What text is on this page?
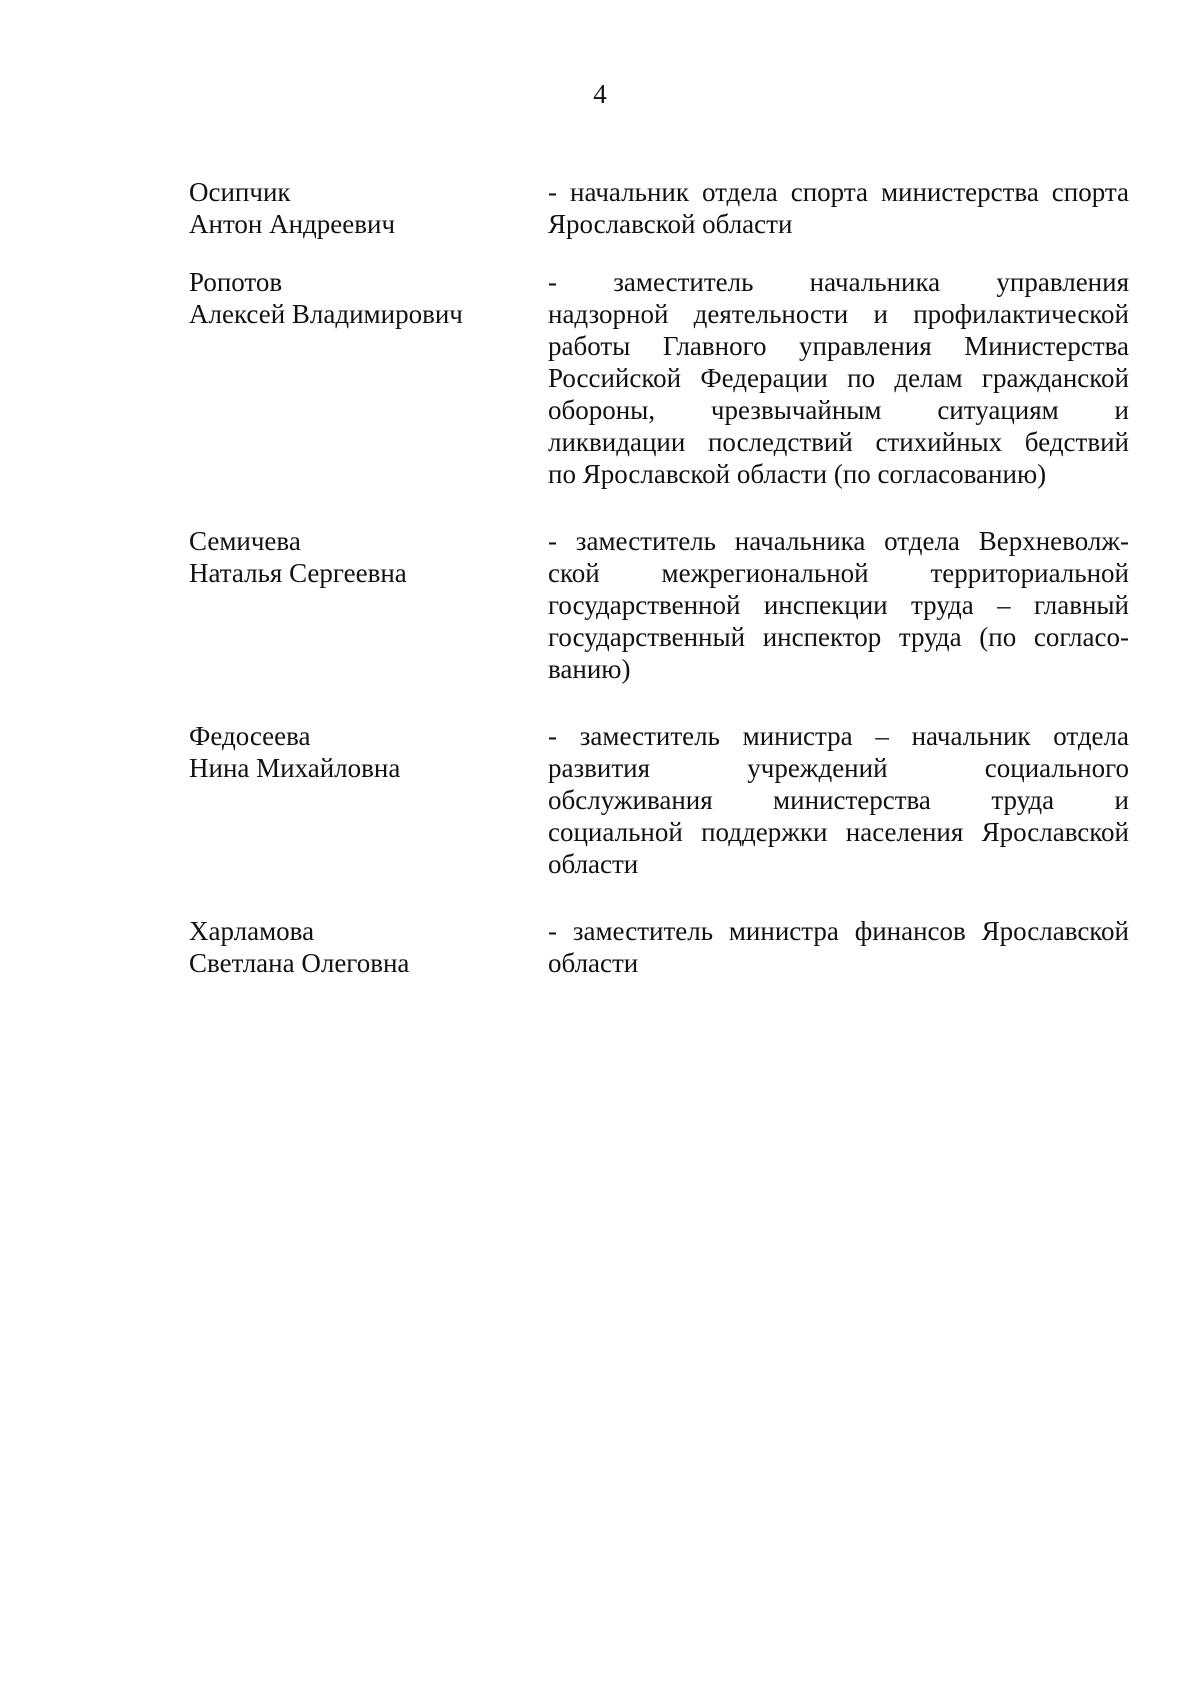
4
Осипчик
Антон Андреевич
- начальник отдела спорта министерства спорта
Ярославской области
Ропотов
Алексей Владимирович
- заместитель начальника управления
надзорной деятельности и профилактической
работы Главного управления Министерства
Российской Федерации по делам гражданской
обороны, чрезвычайным ситуациям и
ликвидации последствий стихийных бедствий
по Ярославской области (по согласованию)
Семичева
Наталья Сергеевна
- заместитель начальника отдела Верхневолж-
ской межрегиональной территориальной
государственной инспекции труда – главный
государственный инспектор труда (по согласо-
ванию)
Федосеева
Нина Михайловна
- заместитель министра – начальник отдела
развития учреждений социального
обслуживания министерства труда и
социальной поддержки населения Ярославской
области
Харламова
Светлана Олеговна
- заместитель министра финансов Ярославской
области
